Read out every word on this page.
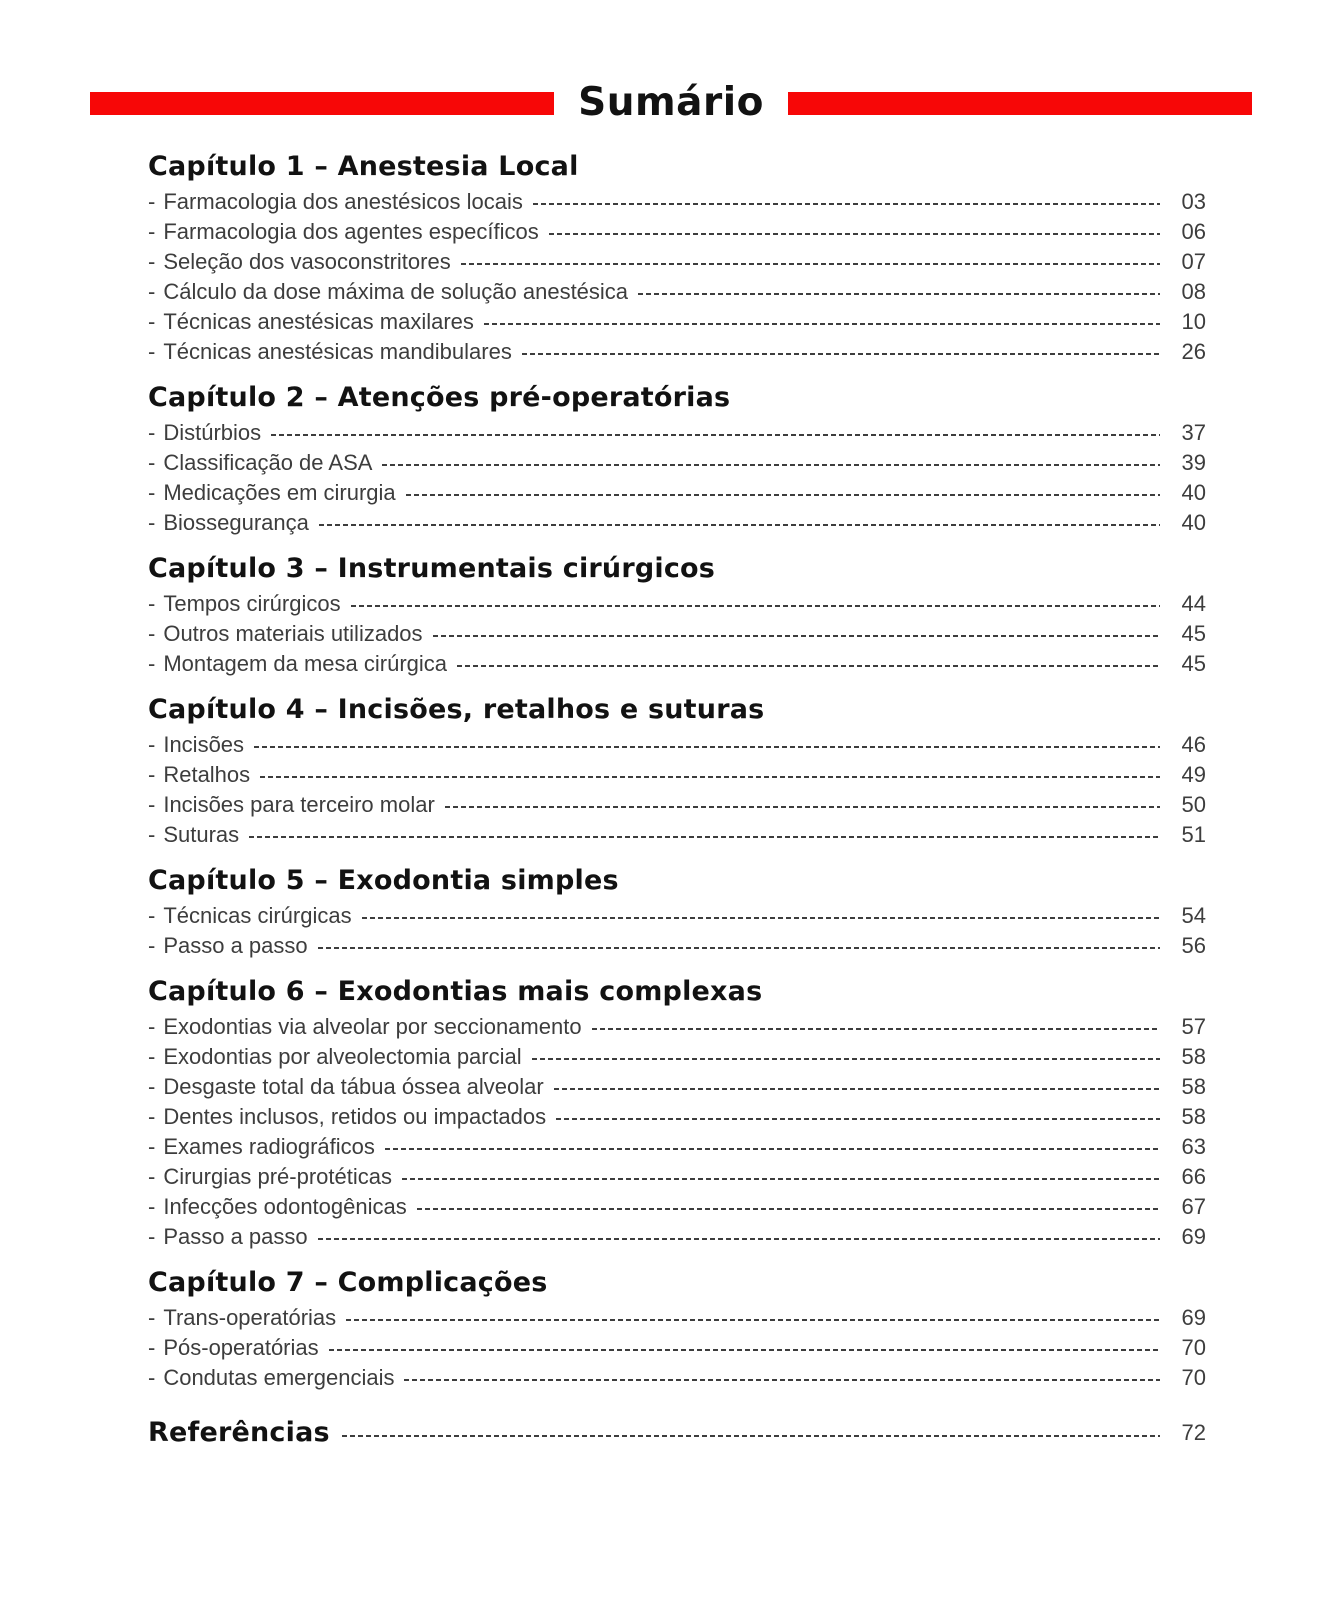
Sumário
Capítulo 1 – Anestesia Local
- Farmacologia dos anestésicos locais	03
- Farmacologia dos agentes específicos	06
- Seleção dos vasoconstritores	07
- Cálculo da dose máxima de solução anestésica	08
- Técnicas anestésicas maxilares	10
- Técnicas anestésicas mandibulares	26
Capítulo 2 – Atenções pré-operatórias
- Distúrbios	37
- Classificação de ASA	39
- Medicações em cirurgia	40
- Biossegurança	40
Capítulo 3 – Instrumentais cirúrgicos
- Tempos cirúrgicos	44
- Outros materiais utilizados	45
- Montagem da mesa cirúrgica	45
Capítulo 4 – Incisões, retalhos e suturas
- Incisões	46
- Retalhos	49
- Incisões para terceiro molar	50
- Suturas	51
Capítulo 5 – Exodontia simples
- Técnicas cirúrgicas	54
- Passo a passo	56
Capítulo 6 – Exodontias mais complexas
- Exodontias via alveolar por seccionamento	57
- Exodontias por alveolectomia parcial	58
- Desgaste total da tábua óssea alveolar	58
- Dentes inclusos, retidos ou impactados	58
- Exames radiográficos	63
- Cirurgias pré-protéticas	66
- Infecções odontogênicas	67
- Passo a passo	69
Capítulo 7 – Complicações
- Trans-operatórias	69
- Pós-operatórias	70
- Condutas emergenciais	70
Referências	72
